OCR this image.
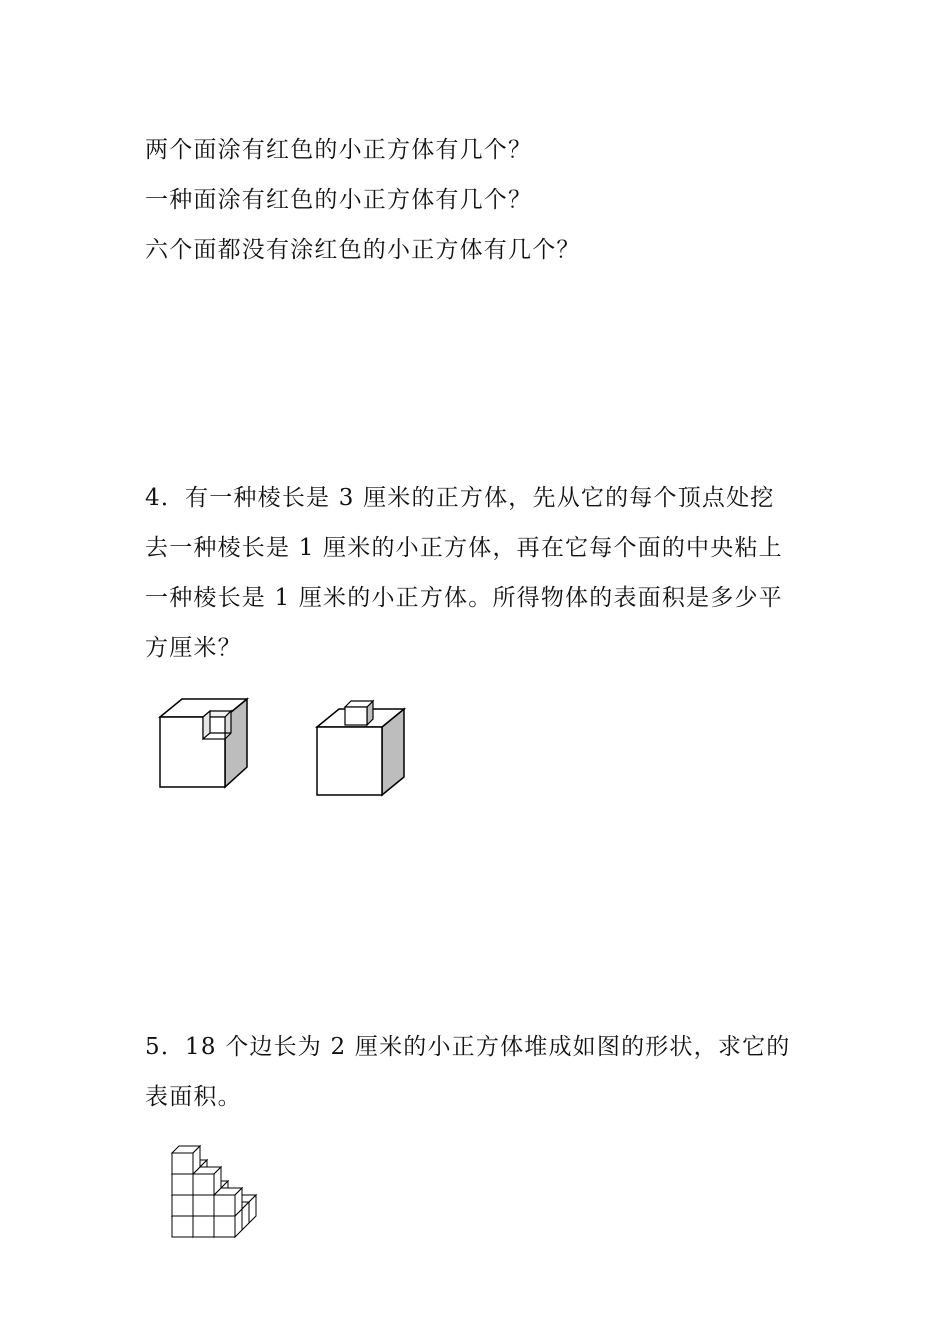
两个面涂有红色的小正方体有几个？
一种面涂有红色的小正方体有几个？
六个面都没有涂红色的小正方体有几个？
4．有一种棱长是 3 厘米的正方体，先从它的每个顶点处挖
去一种棱长是 1 厘米的小正方体，再在它每个面的中央粘上
一种棱长是 1 厘米的小正方体。所得物体的表面积是多少平
方厘米？
5．18 个边长为 2 厘米的小正方体堆成如图的形状，求它的
表面积。
